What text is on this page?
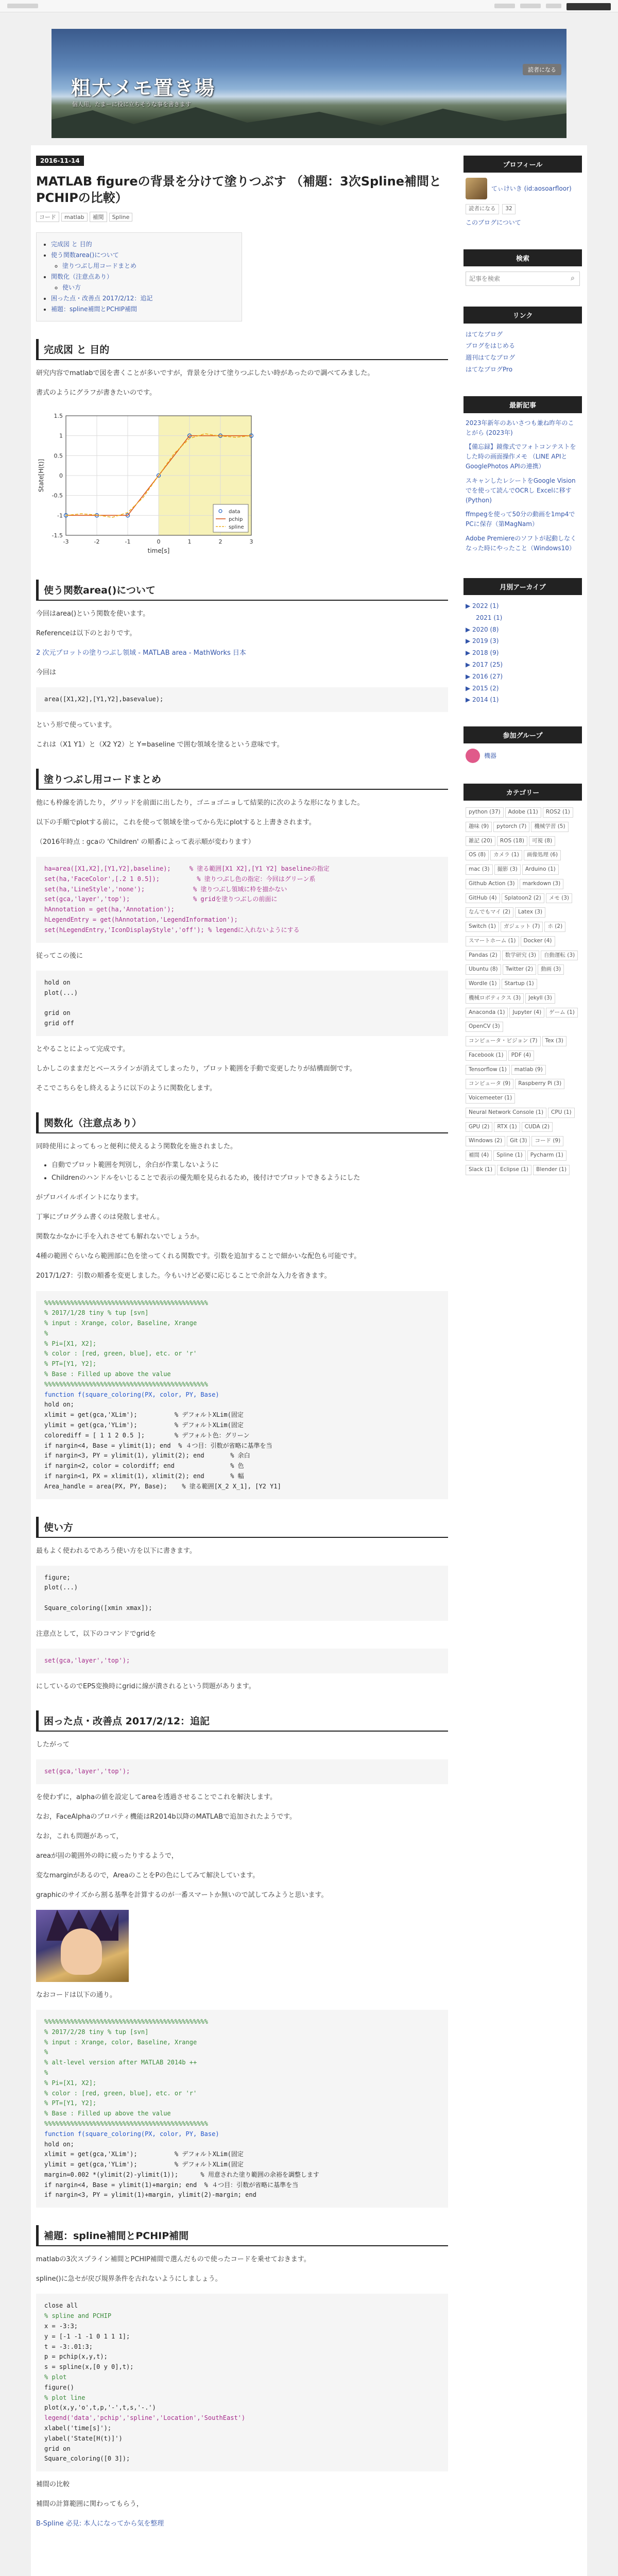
粗大メモ置き場
個人用，たまーに役に立ちそうな事を書きます
読者になる
2016-11-14
MATLAB figureの背景を分けて塗りつぶす （補題：3次Spline補間とPCHIPの比較）
コード matlab 補間 Spline
• 完成図 と 目的
• 使う関数area()について
◦ 塗りつぶし用コードまとめ
• 関数化（注意点あり）
◦ 使い方
• 困った点・改善点 2017/2/12：追記
• 補題：spline補間とPCHIP補間
完成図 と 目的

研究内容でmatlabで図を書くことが多いですが，背景を分けて塗りつぶしたい時があったので調べてみました。

書式のようにグラフが書きたいのです。

-3	-2	-1	0	1	2	3
-1.5
-1
-0.5
0
0.5
1
1.5
time[s]
State[H(t)]
data
pchip
spline
使う関数area()について

今回はarea()という関数を使います。

Referenceは以下のとおりです。

2 次元プロットの塗りつぶし領域 - MATLAB area - MathWorks 日本

今回は

area([X1,X2],[Y1,Y2],basevalue);

という形で使っています。

これは（X1 Y1）と（X2 Y2）と Y=baseline で囲む領域を塗るという意味です。

塗りつぶし用コードまとめ

他にも枠線を消したり，グリッドを前面に出したり，ゴニョゴニョして結果的に次のような形になりました。

以下の手順でplotする前に，これを使って領域を塗ってから先にplotすると上書きされます。

（2016年時点 : gcaの 'Children' の順番によって表示順が変わります）

ha=area([X1,X2],[Y1,Y2],baseline);     % 塗る範囲[X1 X2],[Y1 Y2] baselineの指定
set(ha,'FaceColor',[.2 1 0.5]);          % 塗りつぶし色の指定：今回はグリーン系
set(ha,'LineStyle','none');             % 塗りつぶし領域に枠を描かない
set(gca,'layer','top');                 % gridを塗りつぶしの前面に
hAnnotation = get(ha,'Annotation');
hLegendEntry = get(hAnnotation,'LegendInformation');
set(hLegendEntry,'IconDisplayStyle','off'); % legendに入れないようにする

従ってこの後に

hold on
plot(...)

grid on
grid off

とやることによって完成です。

しかしこのままだとベースラインが消えてしまったり，プロット範囲を手動で変更したりが結構面倒です。

そこでこちらをし終えるように以下のように関数化します。

関数化（注意点あり）

同時使用によってもっと便利に使えるよう関数化を施されました。

• 自動でプロット範囲を判別し，余白が作業しないように
• Childrenのハンドルをいじることで表示の優先順を見られるため，後付けでプロットできるようにした

がプロパイルポイントになります。

丁寧にプログラム書くのは発散しません。

関数なかなかに手を入れさせても解れないでしょうか。

4種の範囲ぐらいなら範囲部に色を塗ってくれる関数です。引数を追加することで細かいな配色も可能です。

2017/1/27：引数の順番を変更しました。今もいけど必要に応じることで余計な入力を省きます。

%%%%%%%%%%%%%%%%%%%%%%%%%%%%%%%%%%%%%%%%%%%%
% 2017/1/28 tiny % tup [svn]
% input : Xrange, color, Baseline, Xrange
%
% Pi=[X1, X2];
% color : [red, green, blue], etc. or 'r'
% PT=[Y1, Y2];
% Base : Filled up above the value
%%%%%%%%%%%%%%%%%%%%%%%%%%%%%%%%%%%%%%%%%%%%
function f(square_coloring(PX, color, PY, Base)
hold on;
xlimit = get(gca,'XLim');          % デフォルトXLim(固定
ylimit = get(gca,'YLim');          % デフォルトXLim(固定
colorediff = [ 1 1 2 0.5 ];        % デフォルト色：グリーン
if nargin<4, Base = ylimit(1); end  % ４つ目：引数が省略に基準を当
if nargin<3, PY = ylimit(1), ylimit(2); end       % 余白
if nargin<2, color = colordiff; end               % 色
if nargin<1, PX = xlimit(1), xlimit(2); end       % 幅
Area_handle = area(PX, PY, Base);    % 塗る範囲[X_2 X_1], [Y2 Y1]
使い方

最もよく使われるであろう使い方を以下に書きます。

figure;
plot(...)

Square_coloring([xmin xmax]);

注意点として，以下のコマンドでgridを

set(gca,'layer','top');

にしているのでEPS変換時にgridに線が潰されるという問題があります。

困った点・改善点 2017/2/12：追記

したがって

set(gca,'layer','top');

を使わずに，alphaの値を設定してareaを透過させることでこれを解決します。

なお，FaceAlphaのプロパティ機能はR2014b以降のMATLABで追加されたようです。

なお，これも問題があって，

areaが固の範囲外の時に疲ったりするようで，

変なmarginがあるので，AreaのことをPの色にしてみて解決しています。

graphicのサイズから割る基準を計算するのが一番スマートか無いので試してみようと思います。

なおコードは以下の通り。

%%%%%%%%%%%%%%%%%%%%%%%%%%%%%%%%%%%%%%%%%%%%
% 2017/2/28 tiny % tup [svn]
% input : Xrange, color, Baseline, Xrange
%
% alt-level version after MATLAB 2014b ++
%
% Pi=[X1, X2];
% color : [red, green, blue], etc. or 'r'
% PT=[Y1, Y2];
% Base : Filled up above the value
%%%%%%%%%%%%%%%%%%%%%%%%%%%%%%%%%%%%%%%%%%%%
function f(square_coloring(PX, color, PY, Base)
hold on;
xlimit = get(gca,'XLim');          % デフォルトXLim(固定
ylimit = get(gca,'YLim');          % デフォルトXLim(固定
margin=0.002 *(ylimit(2)-ylimit(1));      % 用意された塗り範囲の余裕を調整します
if nargin<4, Base = ylimit(1)+margin; end  % ４つ目：引数が省略に基準を当
if nargin<3, PY = ylimit(1)+margin, ylimit(2)-margin; end
補題：spline補間とPCHIP補間

matlabの3次スプライン補間とPCHIP補間で選んだもので使ったコードを乗せておきます。

spline()に急セが戻び規界条件を古れないようにしましょう。

close all
% spline and PCHIP
x = -3:3;
y = [-1 -1 -1 0 1 1 1];
t = -3:.01:3;
p = pchip(x,y,t);
s = spline(x,[0 y 0],t);
% plot
figure()
% plot line
plot(x,y,'o',t,p,'-',t,s,'-.')
legend('data','pchip','spline','Location','SouthEast')
xlabel('time[s]');
ylabel('State[H(t)]')
grid on
Square_coloring([0 3]);

補間の比較

補間の計算範囲に関わってもらう，

B-Spline 必見: 本人になってから気を整理

プロフィール
てぃけいき (id:aosoarfloor)
読者になる 32
このブログについて
検索
記事を検索
⌕
リンク
はてなブログ
ブログをはじめる
週刊はてなブログ
はてなブログPro
最新記事
2023年新年のあいさつも兼ね昨年のことがら (2023年)
【備忘録】鏡像式でフォトコンテストをした時の画面操作メモ （LINE APIとGooglePhotos APIの連携）
スキャンしたレシートをGoogle Visionでを使って読んでOCRし Excelに移す (Python)
ffmpegを使って50分の動画を1mp4でPCに保存（第MagNam）
Adobe Premiereのソフトが起動しなくなった時にやったこと（Windows10）
月別アーカイブ
▶ 2022 (1)
2021 (1)
▶ 2020 (8)
▶ 2019 (3)
▶ 2018 (9)
▶ 2017 (25)
▶ 2016 (27)
▶ 2015 (2)
▶ 2014 (1)
参加グループ
機器
カテゴリー
python (37) Adobe (11) ROS2 (1)趣味 (9) pytorch (7) 機械学習 (5)雑記 (20) ROS (18) 可視 (8)OS (8) カメラ (1) 画像処理 (6)mac (3) 撮影 (3) Arduino (1)Github Action (3) markdown (3)GitHub (4) Splatoon2 (2) メモ (3)なんでもマイ (2) Latex (3)Switch (1) ガジェット (7) ホ (2)スマートホーム (1) Docker (4)Pandas (2) 数学研究 (3) 自動運転 (3)Ubuntu (8) Twitter (2) 動画 (3)Wordle (1) Startup (1)機械ロボティクス (3) Jekyll (3)Anaconda (1) Jupyter (4) ゲーム (1)OpenCV (3)コンピュータ・ビジョン (7) Tex (3)Facebook (1) PDF (4)Tensorflow (1) matlab (9)コンピュータ (9) Raspberry Pi (3)Voicemeeter (1)Neural Network Console (1) CPU (1)GPU (2) RTX (1) CUDA (2)Windows (2) Git (3) コード (9)補間 (4) Spline (1) Pycharm (1)Slack (1) Eclipse (1) Blender (1)
